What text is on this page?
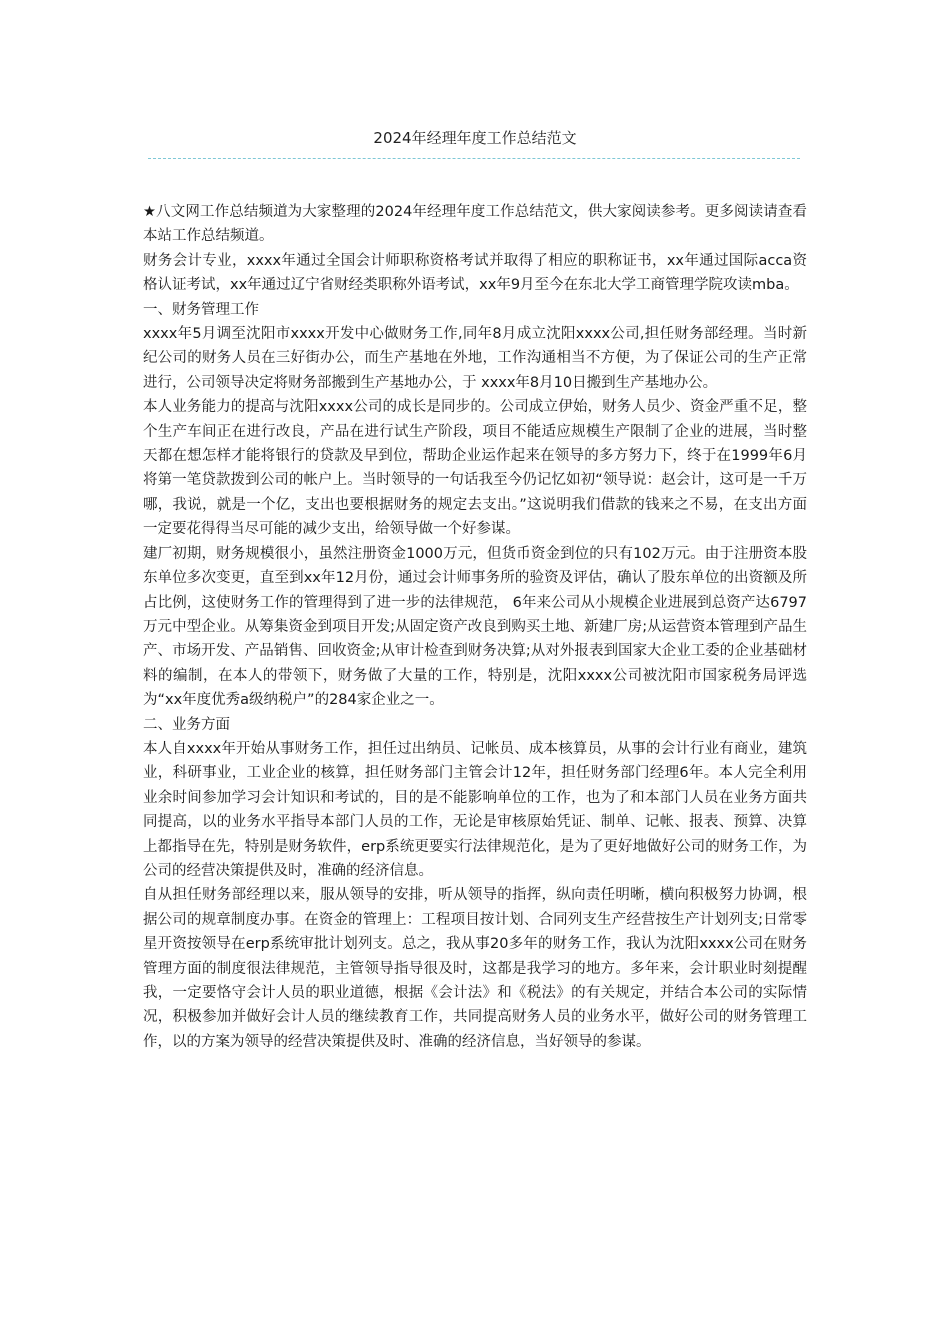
2024年经理年度工作总结范文

★八文网工作总结频道为大家整理的2024年经理年度工作总结范文，供大家阅读参考。更多阅读请查看本站工作总结频道。

财务会计专业，xxxx年通过全国会计师职称资格考试并取得了相应的职称证书，xx年通过国际acca资格认证考试，xx年通过辽宁省财经类职称外语考试，xx年9月至今在东北大学工商管理学院攻读mba。

一、财务管理工作

xxxx年5月调至沈阳市xxxx开发中心做财务工作,同年8月成立沈阳xxxx公司,担任财务部经理。当时新纪公司的财务人员在三好街办公，而生产基地在外地，工作沟通相当不方便，为了保证公司的生产正常进行，公司领导决定将财务部搬到生产基地办公，于 xxxx年8月10日搬到生产基地办公。

本人业务能力的提高与沈阳xxxx公司的成长是同步的。公司成立伊始，财务人员少、资金严重不足，整个生产车间正在进行改良，产品在进行试生产阶段，项目不能适应规模生产限制了企业的进展，当时整天都在想怎样才能将银行的贷款及早到位，帮助企业运作起来在领导的多方努力下，终于在1999年6月将第一笔贷款拨到公司的帐户上。当时领导的一句话我至今仍记忆如初“领导说：赵会计，这可是一千万哪，我说，就是一个亿，支出也要根据财务的规定去支出。”这说明我们借款的钱来之不易，在支出方面一定要花得得当尽可能的减少支出，给领导做一个好参谋。

建厂初期，财务规模很小，虽然注册资金1000万元，但货币资金到位的只有102万元。由于注册资本股东单位多次变更，直至到xx年12月份，通过会计师事务所的验资及评估，确认了股东单位的出资额及所占比例，这使财务工作的管理得到了进一步的法律规范， 6年来公司从小规模企业进展到总资产达6797万元中型企业。从筹集资金到项目开发;从固定资产改良到购买土地、新建厂房;从运营资本管理到产品生产、市场开发、产品销售、回收资金;从审计检查到财务决算;从对外报表到国家大企业工委的企业基础材料的编制，在本人的带领下，财务做了大量的工作，特别是，沈阳xxxx公司被沈阳市国家税务局评选为“xx年度优秀a级纳税户”的284家企业之一。

二、业务方面

本人自xxxx年开始从事财务工作，担任过出纳员、记帐员、成本核算员，从事的会计行业有商业，建筑业，科研事业，工业企业的核算，担任财务部门主管会计12年，担任财务部门经理6年。本人完全利用业余时间参加学习会计知识和考试的，目的是不能影响单位的工作，也为了和本部门人员在业务方面共同提高，以的业务水平指导本部门人员的工作，无论是审核原始凭证、制单、记帐、报表、预算、决算上都指导在先，特别是财务软件，erp系统更要实行法律规范化，是为了更好地做好公司的财务工作，为公司的经营决策提供及时，准确的经济信息。

自从担任财务部经理以来，服从领导的安排，听从领导的指挥，纵向责任明晰，横向积极努力协调，根据公司的规章制度办事。在资金的管理上：工程项目按计划、合同列支生产经营按生产计划列支;日常零星开资按领导在erp系统审批计划列支。总之，我从事20多年的财务工作，我认为沈阳xxxx公司在财务管理方面的制度很法律规范，主管领导指导很及时，这都是我学习的地方。多年来，会计职业时刻提醒我，一定要恪守会计人员的职业道德，根据《会计法》和《税法》的有关规定，并结合本公司的实际情况，积极参加并做好会计人员的继续教育工作，共同提高财务人员的业务水平，做好公司的财务管理工作，以的方案为领导的经营决策提供及时、准确的经济信息，当好领导的参谋。
